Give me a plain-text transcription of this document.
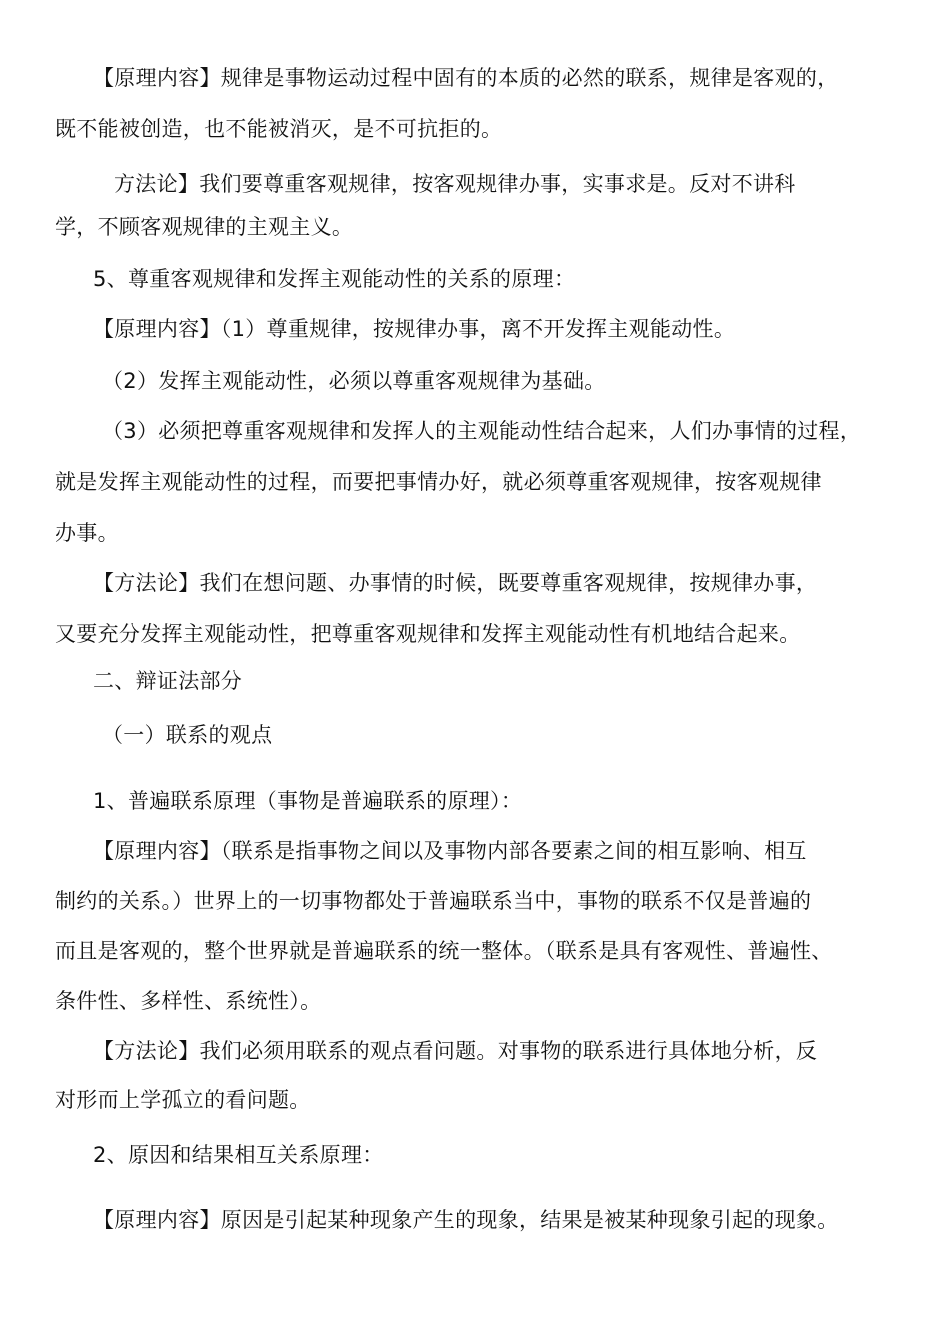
【原理内容】规律是事物运动过程中固有的本质的必然的联系，规律是客观的，
既不能被创造，也不能被消灭，是不可抗拒的。
方法论】我们要尊重客观规律，按客观规律办事，实事求是。反对不讲科
学，不顾客观规律的主观主义。
5、尊重客观规律和发挥主观能动性的关系的原理：
【原理内容】（1）尊重规律，按规律办事，离不开发挥主观能动性。
（2）发挥主观能动性，必须以尊重客观规律为基础。
（3）必须把尊重客观规律和发挥人的主观能动性结合起来，人们办事情的过程，
就是发挥主观能动性的过程，而要把事情办好，就必须尊重客观规律，按客观规律
办事。
【方法论】我们在想问题、办事情的时候，既要尊重客观规律，按规律办事，
又要充分发挥主观能动性，把尊重客观规律和发挥主观能动性有机地结合起来。
二、辩证法部分
（一）联系的观点
1、普遍联系原理（事物是普遍联系的原理）：
【原理内容】（联系是指事物之间以及事物内部各要素之间的相互影响、相互
制约的关系。）世界上的一切事物都处于普遍联系当中，事物的联系不仅是普遍的
而且是客观的，整个世界就是普遍联系的统一整体。（联系是具有客观性、普遍性、
条件性、多样性、系统性）。
【方法论】我们必须用联系的观点看问题。对事物的联系进行具体地分析，反
对形而上学孤立的看问题。
2、原因和结果相互关系原理：
【原理内容】原因是引起某种现象产生的现象，结果是被某种现象引起的现象。
